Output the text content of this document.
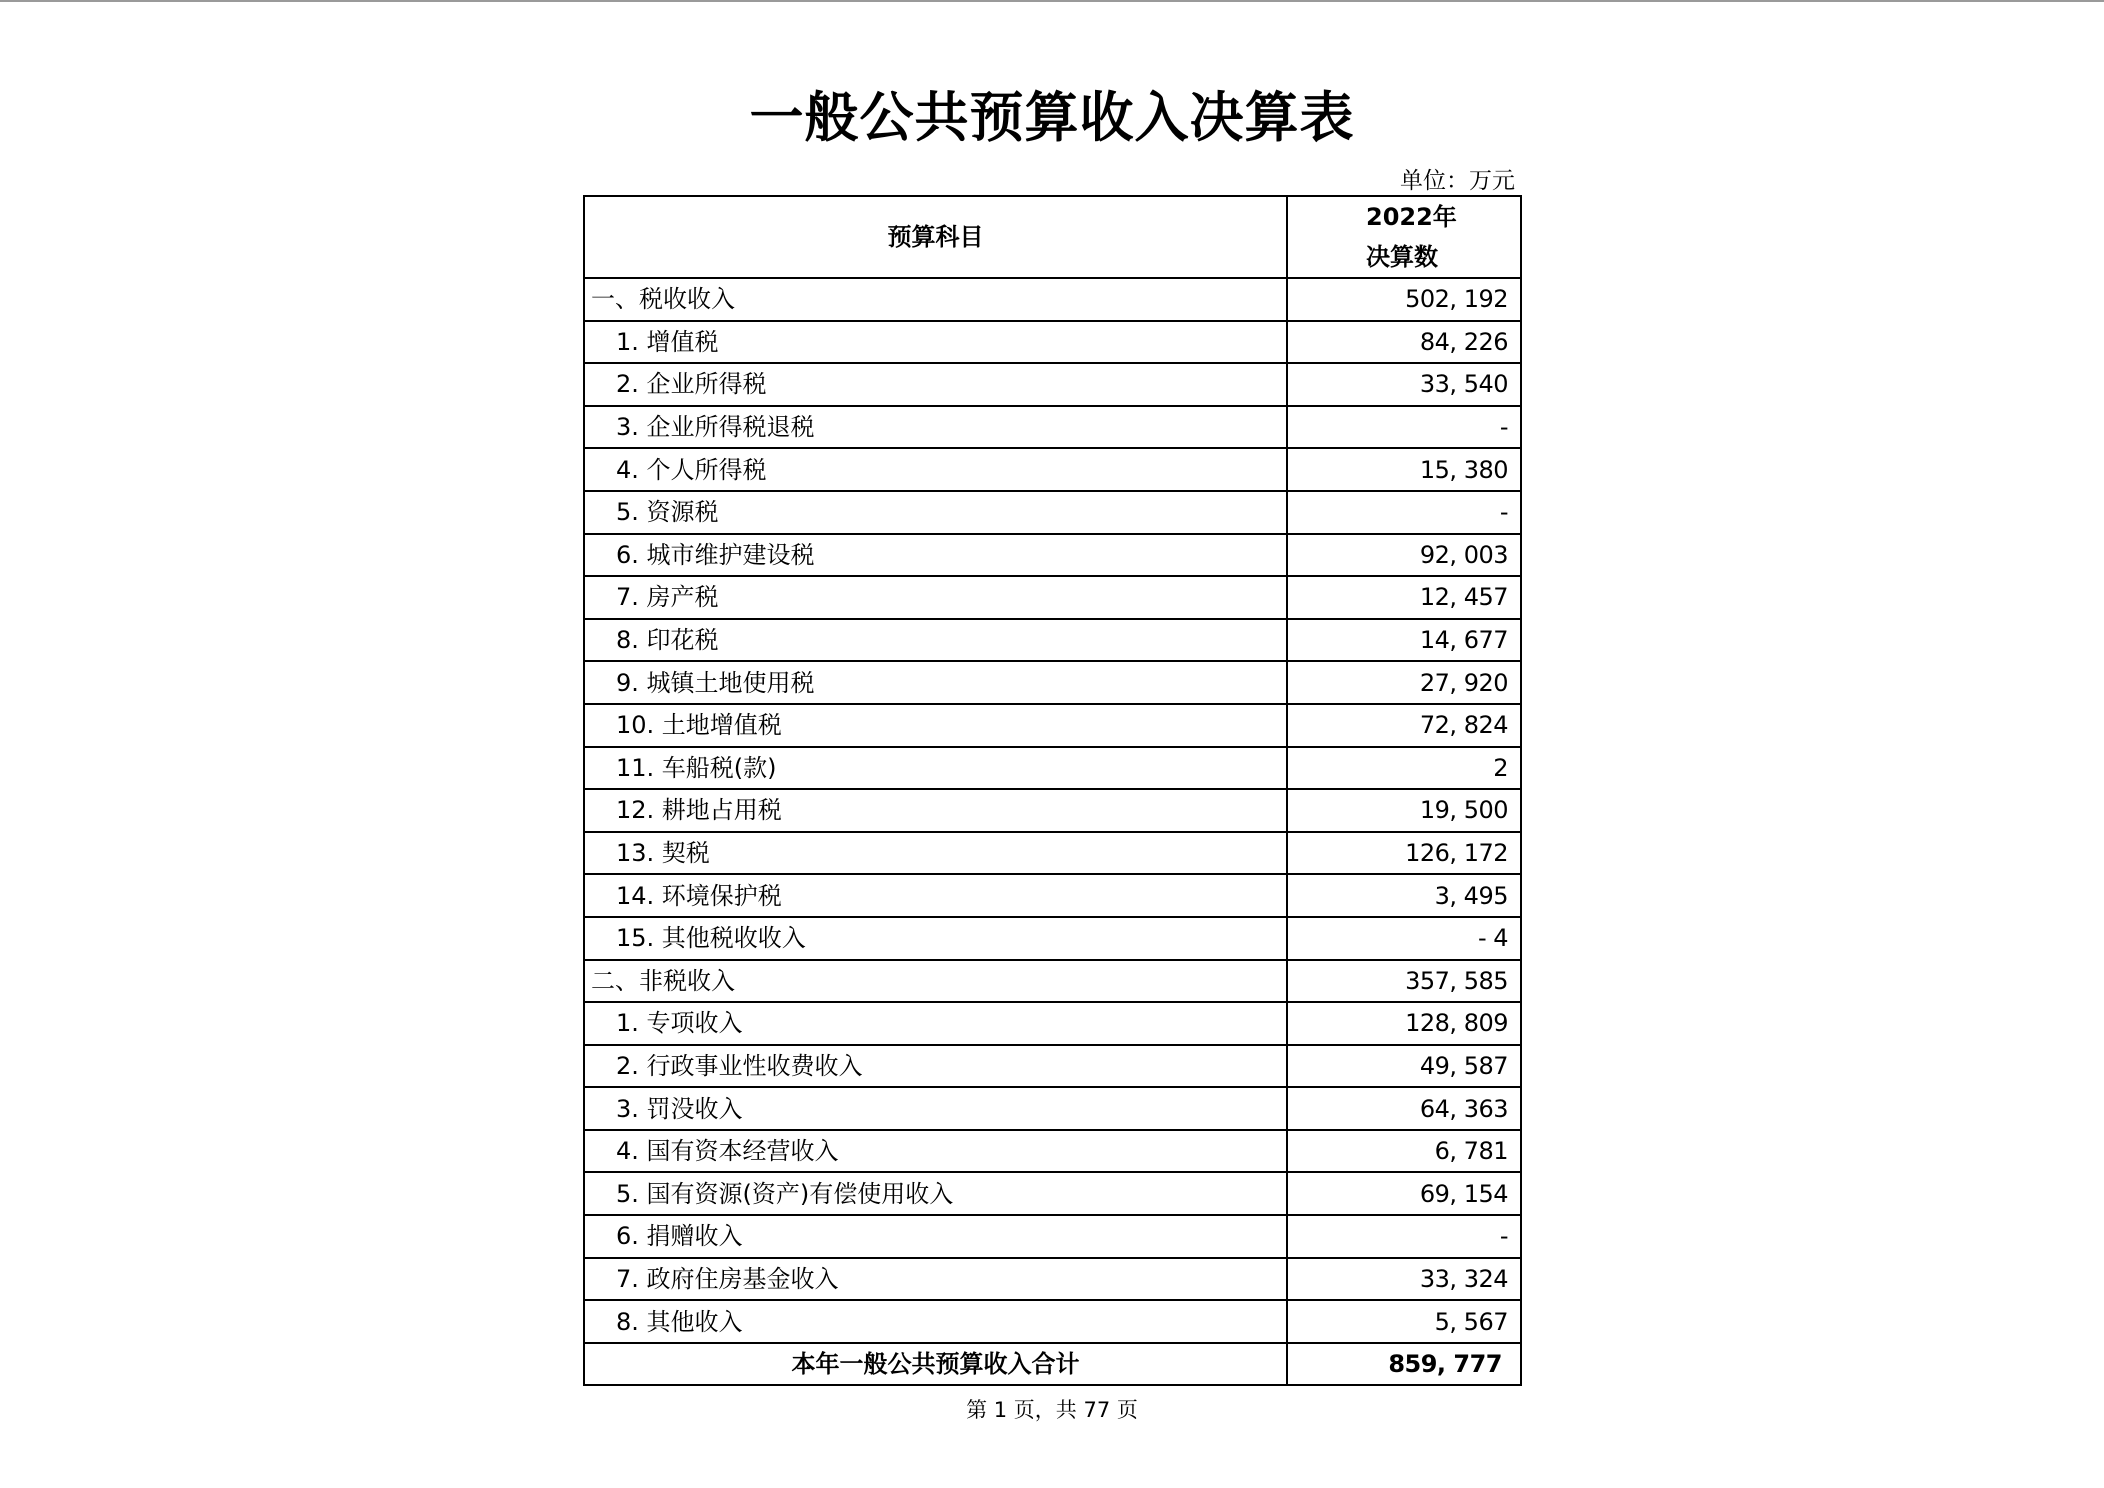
一般公共预算收入决算表
单位：万元
预算科目	2022年
决算数

一、税收收入	502, 192
1. 增值税	84, 226
2. 企业所得税	33, 540
3. 企业所得税退税	-
4. 个人所得税	15, 380
5. 资源税	-
6. 城市维护建设税	92, 003
7. 房产税	12, 457
8. 印花税	14, 677
9. 城镇土地使用税	27, 920
10. 土地增值税	72, 824
11. 车船税(款)	2
12. 耕地占用税	19, 500
13. 契税	126, 172
14. 环境保护税	3, 495
15. 其他税收收入	- 4
二、非税收入	357, 585
1. 专项收入	128, 809
2. 行政事业性收费收入	49, 587
3. 罚没收入	64, 363
4. 国有资本经营收入	6, 781
5. 国有资源(资产)有偿使用收入	69, 154
6. 捐赠收入	-
7. 政府住房基金收入	33, 324
8. 其他收入	5, 567
本年一般公共预算收入合计	859, 777
第 1 页，共 77 页
